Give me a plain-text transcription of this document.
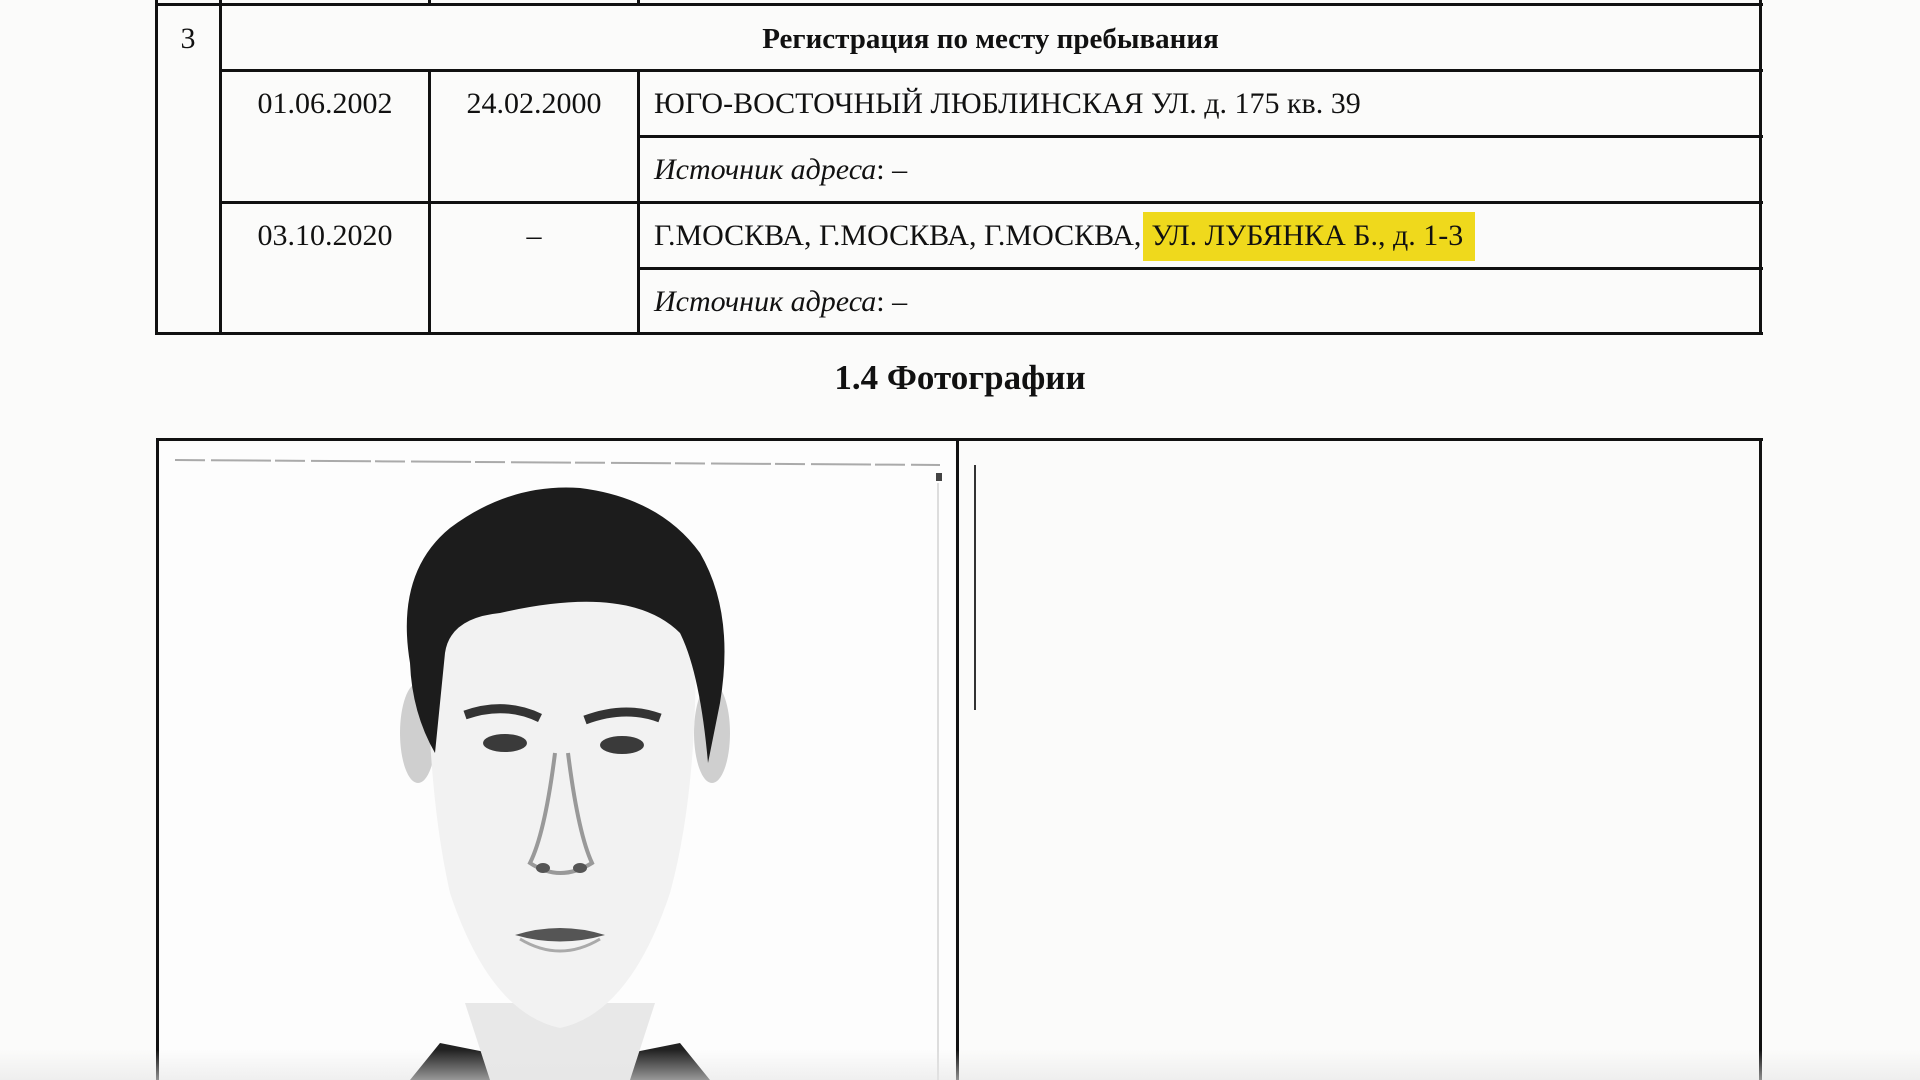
3	Регистрация по месту пребывания
01.06.2002	24.02.2000	ЮГО-ВОСТОЧНЫЙ ЛЮБЛИНСКАЯ УЛ. д. 175 кв. 39
Источник адреса: –
03.10.2020	–	Г.МОСКВА, Г.МОСКВА, Г.МОСКВА, УЛ. ЛУБЯНКА Б., д. 1-3
Источник адреса: –
1.4 Фотографии
